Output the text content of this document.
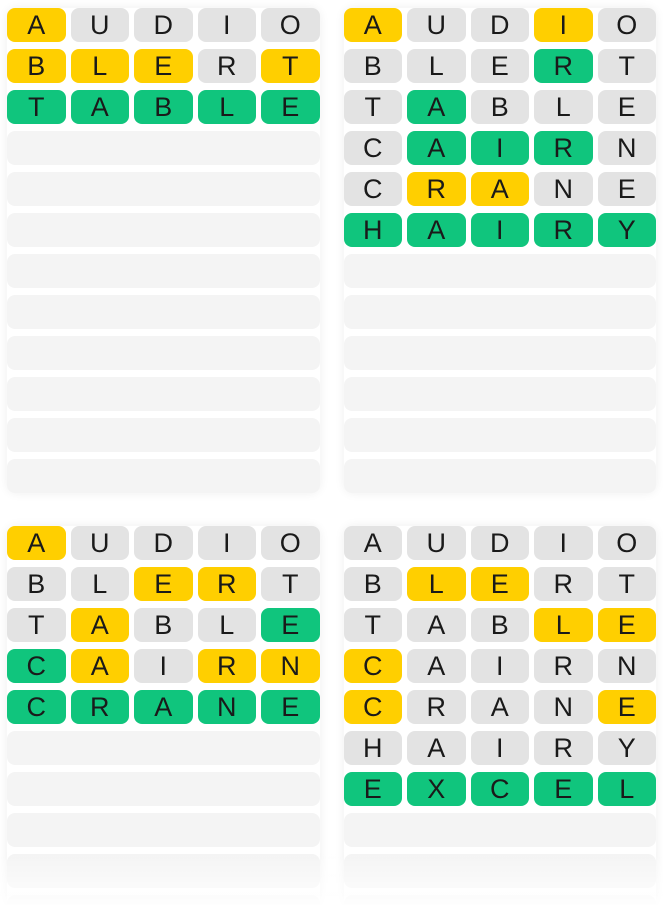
A	U	D	I	O
B	L	E	R	T
T	A	B	L	E
A	U	D	I	O
B	L	E	R	T
T	A	B	L	E
C	A	I	R	N
C	R	A	N	E
H	A	I	R	Y
A	U	D	I	O
B	L	E	R	T
T	A	B	L	E
C	A	I	R	N
C	R	A	N	E
A	U	D	I	O
B	L	E	R	T
T	A	B	L	E
C	A	I	R	N
C	R	A	N	E
H	A	I	R	Y
E	X	C	E	L
